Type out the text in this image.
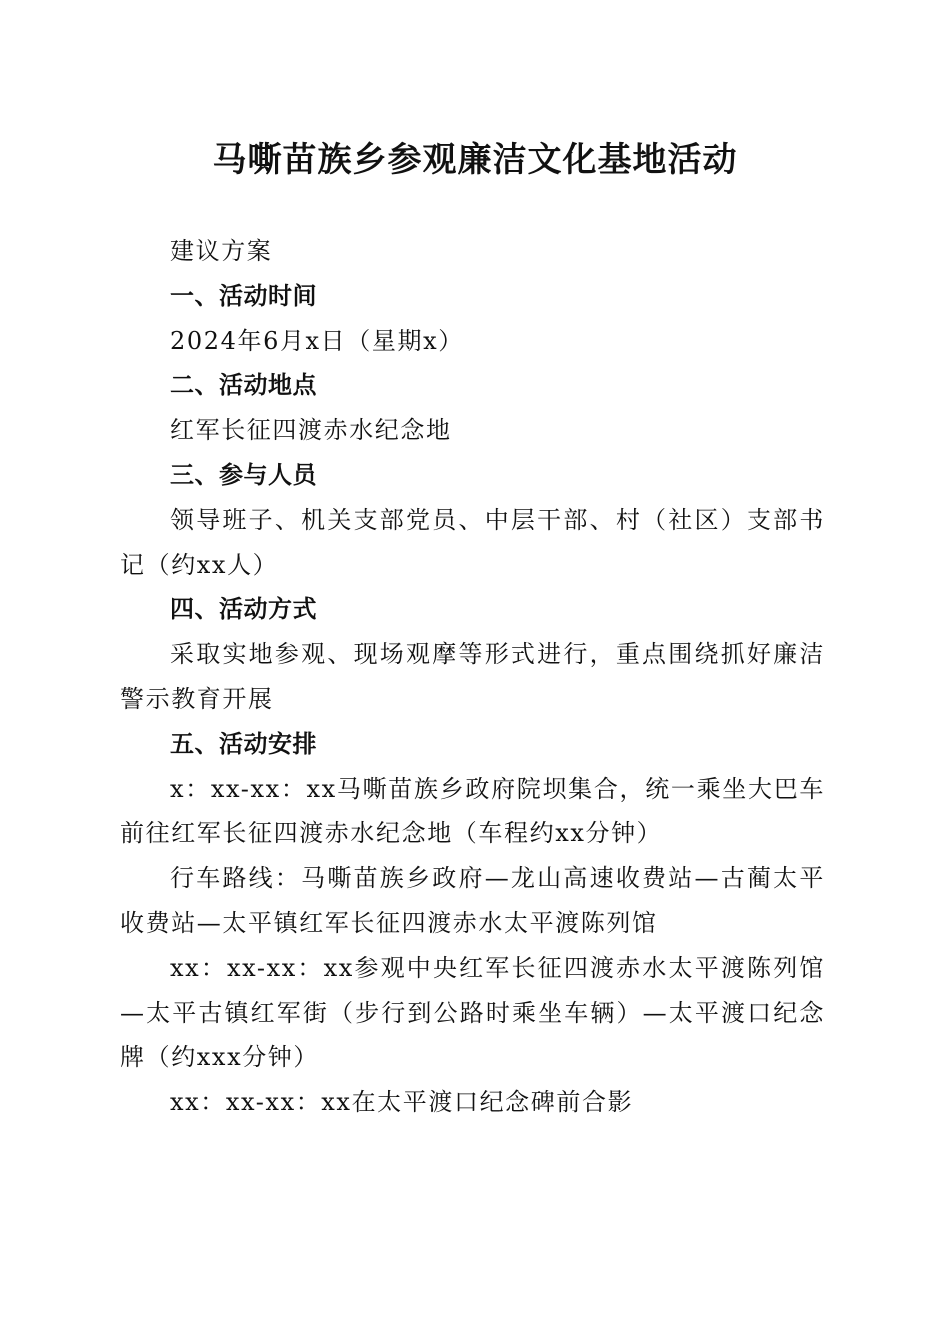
马嘶苗族乡参观廉洁文化基地活动

建议方案

一、活动时间

2024年6月x日（星期x）

二、活动地点

红军长征四渡赤水纪念地

三、参与人员

领导班子、机关支部党员、中层干部、村（社区）支部书记（约xx人）

四、活动方式

采取实地参观、现场观摩等形式进行，重点围绕抓好廉洁警示教育开展

五、活动安排

x：xx-xx：xx马嘶苗族乡政府院坝集合，统一乘坐大巴车前往红军长征四渡赤水纪念地（车程约xx分钟）

行车路线：马嘶苗族乡政府—龙山高速收费站—古蔺太平收费站—太平镇红军长征四渡赤水太平渡陈列馆

xx：xx-xx：xx参观中央红军长征四渡赤水太平渡陈列馆—太平古镇红军街（步行到公路时乘坐车辆）—太平渡口纪念牌（约xxx分钟）

xx：xx-xx：xx在太平渡口纪念碑前合影
